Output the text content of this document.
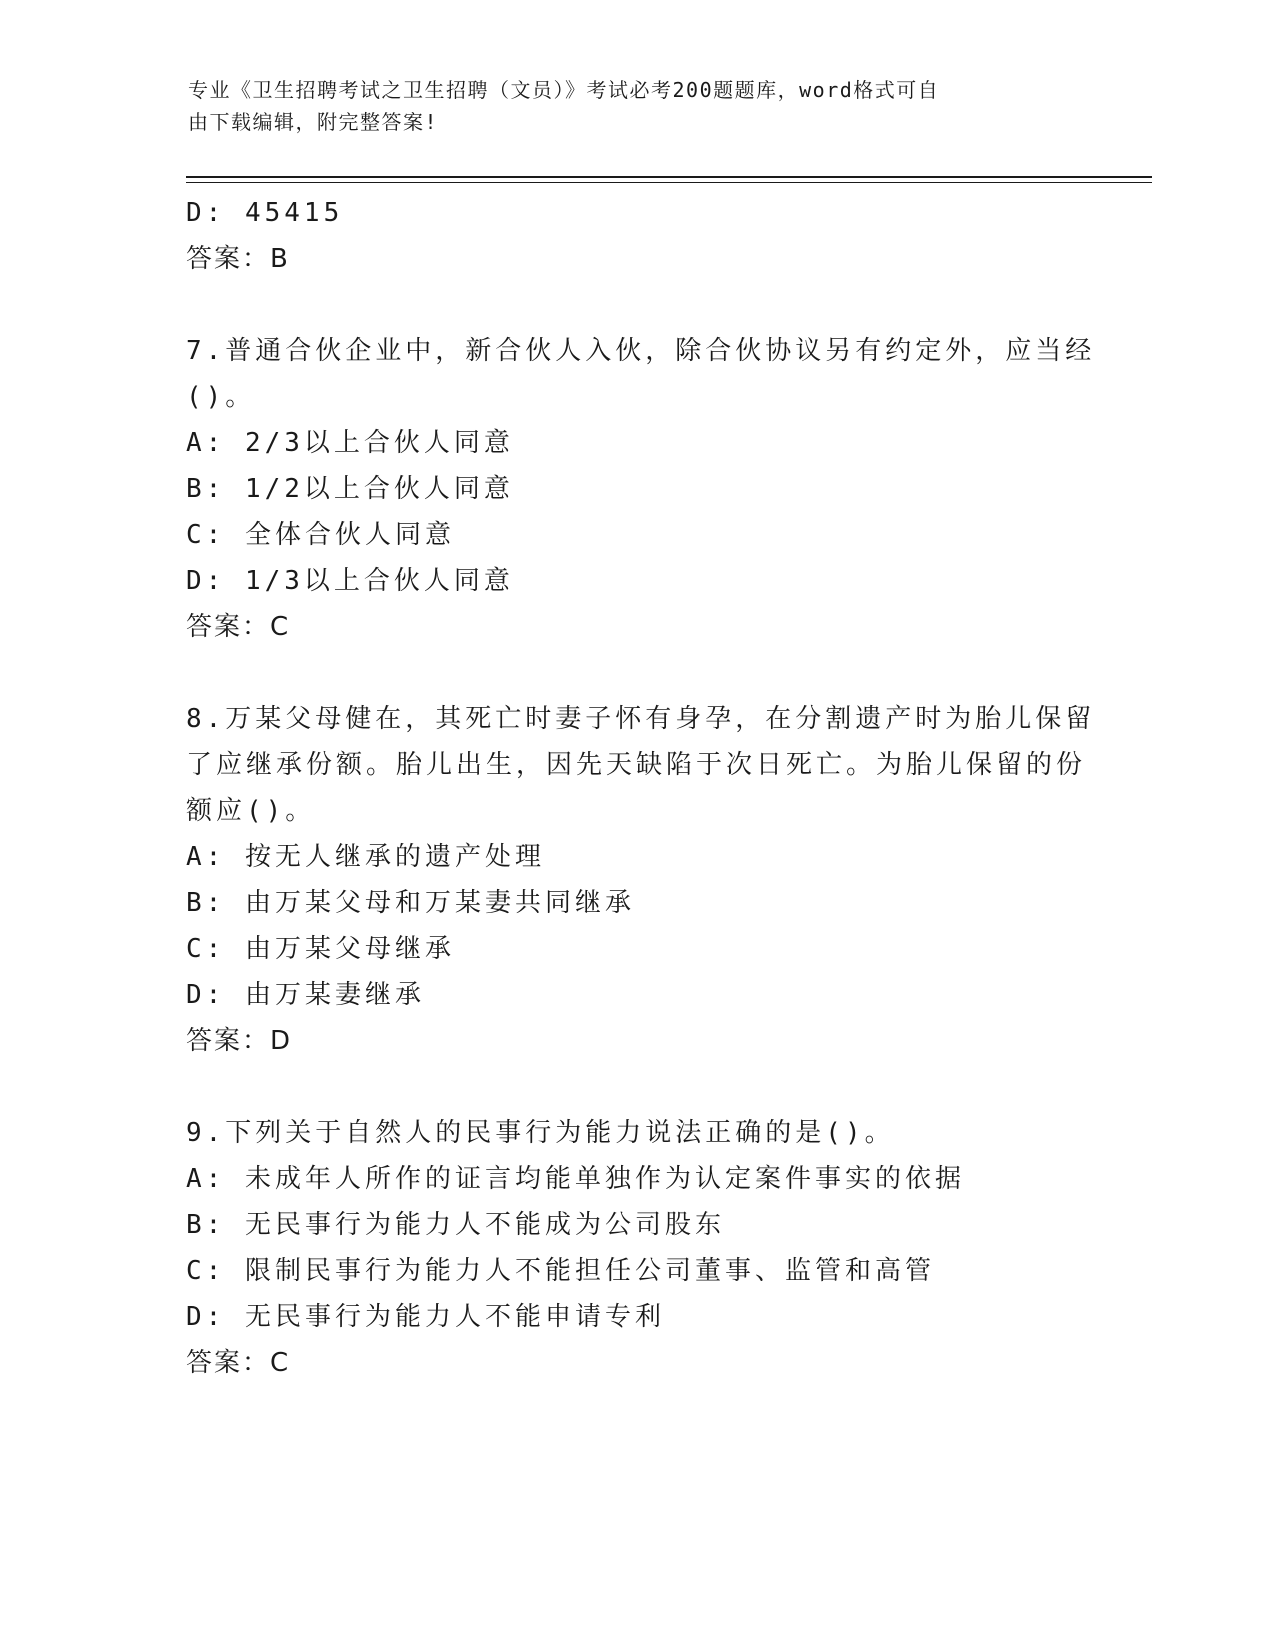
专业《卫生招聘考试之卫生招聘（文员）》考试必考200题题库，word格式可自
由下载编辑，附完整答案!
D: 45415
答案：B
7.普通合伙企业中，新合伙人入伙，除合伙协议另有约定外，应当经
()。
A: 2/3以上合伙人同意
B: 1/2以上合伙人同意
C: 全体合伙人同意
D: 1/3以上合伙人同意
答案：C
8.万某父母健在，其死亡时妻子怀有身孕，在分割遗产时为胎儿保留
了应继承份额。胎儿出生，因先天缺陷于次日死亡。为胎儿保留的份
额应()。
A: 按无人继承的遗产处理
B: 由万某父母和万某妻共同继承
C: 由万某父母继承
D: 由万某妻继承
答案：D
9.下列关于自然人的民事行为能力说法正确的是()。
A: 未成年人所作的证言均能单独作为认定案件事实的依据
B: 无民事行为能力人不能成为公司股东
C: 限制民事行为能力人不能担任公司董事、监管和高管
D: 无民事行为能力人不能申请专利
答案：C
